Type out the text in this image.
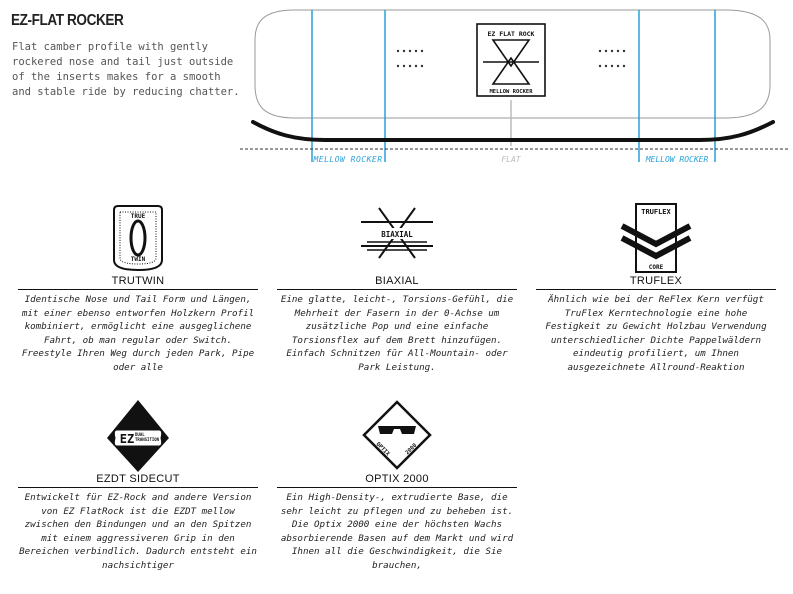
EZ-FLAT ROCKER
Flat camber profile with gently rockered nose and tail just outside of the inserts makes for a smooth and stable ride by reducing chatter.
EZ FLAT ROCK
MELLOW ROCKER
MELLOW ROCKER	FLAT	MELLOW ROCKER
TRUE
TWIN
TRUTWIN
Identische Nose und Tail Form und Längen, mit einer ebenso entworfen Holzkern Profil kombiniert, ermöglicht eine ausgeglichene Fahrt, ob man regular oder Switch. Freestyle Ihren Weg durch jeden Park, Pipe oder alle
BIAXIAL
BIAXIAL
Eine glatte, leicht-, Torsions-Gefühl, die Mehrheit der Fasern in der 0-Achse um zusätzliche Pop und eine einfache Torsionsflex auf dem Brett hinzufügen. Einfach Schnitzen für All-Mountain- oder Park Leistung.
TRUFLEX
CORE
TRUFLEX
Ähnlich wie bei der ReFlex Kern verfügt TruFlex Kerntechnologie eine hohe Festigkeit zu Gewicht Holzbau Verwendung unterschiedlicher Dichte Pappelwäldern eindeutig profiliert, um Ihnen ausgezeichnete Allround-Reaktion
EZ DUAL TRANSITION
EZDT SIDECUT
Entwickelt für EZ-Rock and andere Version von EZ FlatRock ist die EZDT mellow zwischen den Bindungen und an den Spitzen mit einem aggressiveren Grip in den Bereichen verbindlich. Dadurch entsteht ein nachsichtiger
OPTIX	2000
OPTIX 2000
Ein High-Density-, extrudierte Base, die sehr leicht zu pflegen und zu beheben ist. Die Optix 2000 eine der höchsten Wachs absorbierende Basen auf dem Markt und wird Ihnen all die Geschwindigkeit, die Sie brauchen,
